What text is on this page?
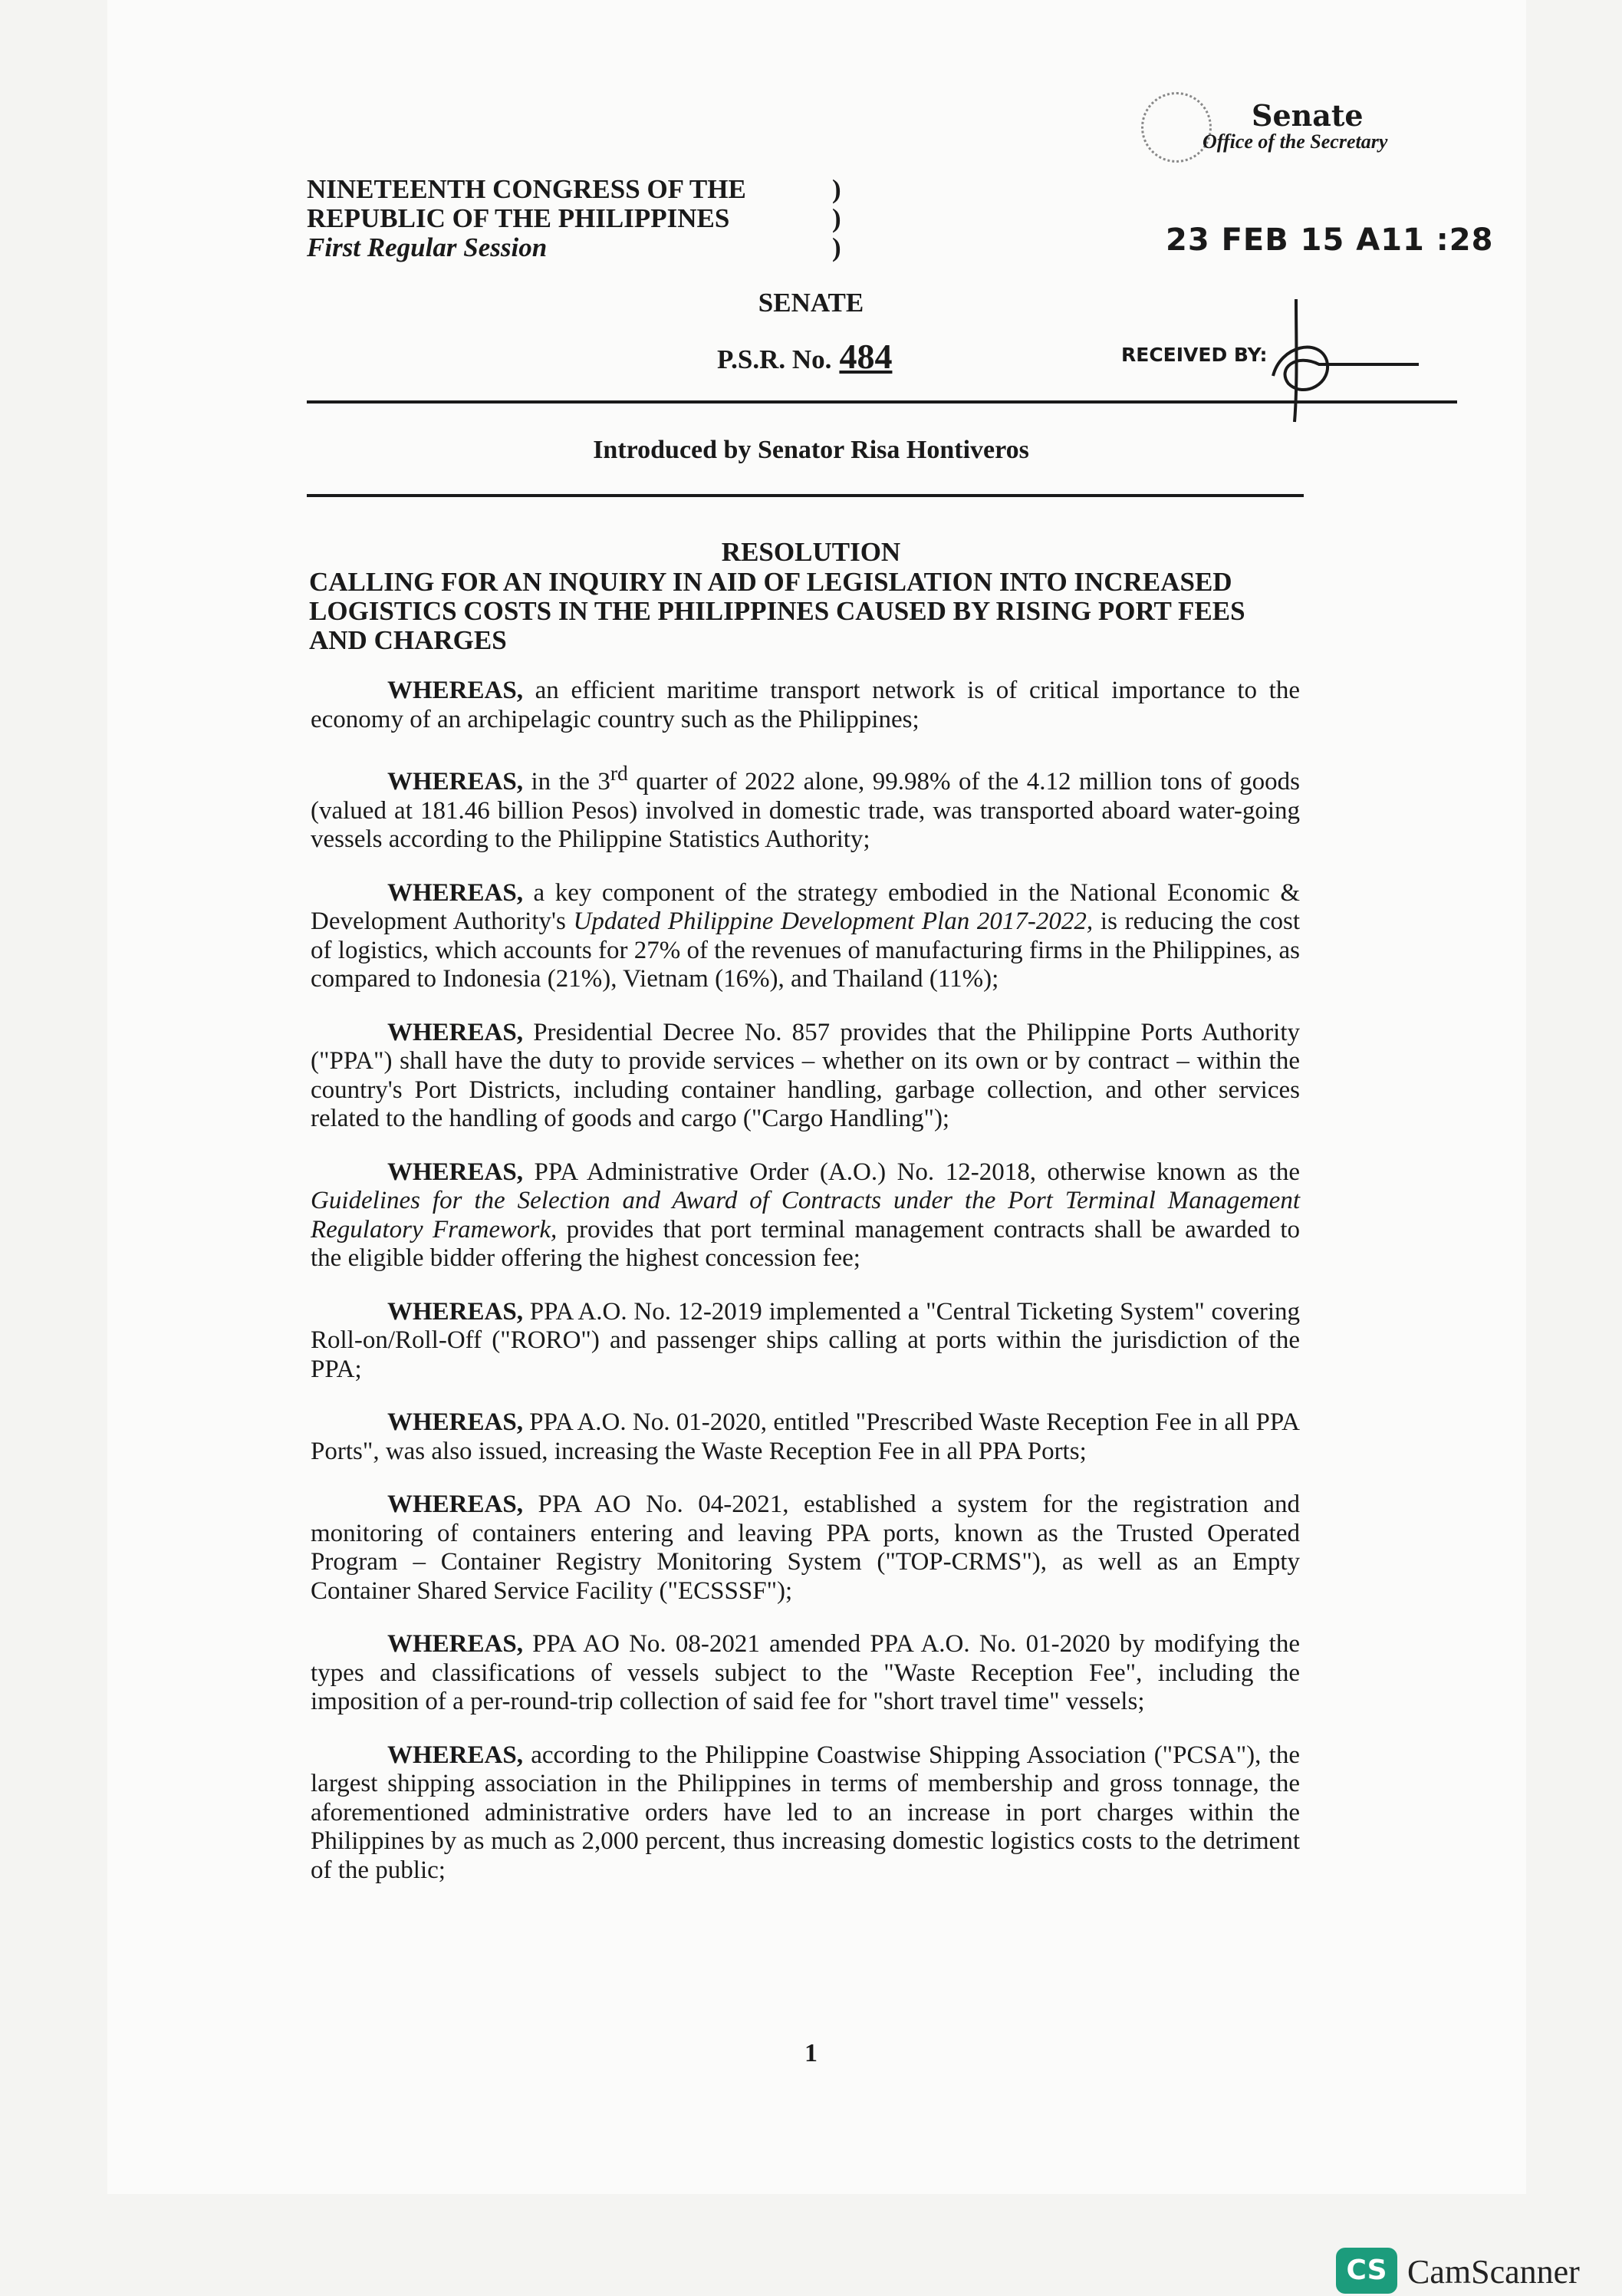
NINETEENTH CONGRESS OF THE
REPUBLIC OF THE PHILIPPINES
First Regular Session
)
)
)
Senate
Office of the Secretary
23 FEB 15 A11 :28
SENATE
P.S.R. No. 484	RECEIVED BY:
Introduced by Senator Risa Hontiveros
RESOLUTION
CALLING FOR AN INQUIRY IN AID OF LEGISLATION INTO INCREASED LOGISTICS COSTS IN THE PHILIPPINES CAUSED BY RISING PORT FEES AND CHARGES

WHEREAS, an efficient maritime transport network is of critical importance to the economy of an archipelagic country such as the Philippines;

WHEREAS, in the 3rd quarter of 2022 alone, 99.98% of the 4.12 million tons of goods (valued at 181.46 billion Pesos) involved in domestic trade, was transported aboard water-going vessels according to the Philippine Statistics Authority;

WHEREAS, a key component of the strategy embodied in the National Economic & Development Authority's Updated Philippine Development Plan 2017-2022, is reducing the cost of logistics, which accounts for 27% of the revenues of manufacturing firms in the Philippines, as compared to Indonesia (21%), Vietnam (16%), and Thailand (11%);

WHEREAS, Presidential Decree No. 857 provides that the Philippine Ports Authority ("PPA") shall have the duty to provide services – whether on its own or by contract – within the country's Port Districts, including container handling, garbage collection, and other services related to the handling of goods and cargo ("Cargo Handling");

WHEREAS, PPA Administrative Order (A.O.) No. 12-2018, otherwise known as the Guidelines for the Selection and Award of Contracts under the Port Terminal Management Regulatory Framework, provides that port terminal management contracts shall be awarded to the eligible bidder offering the highest concession fee;

WHEREAS, PPA A.O. No. 12-2019 implemented a "Central Ticketing System" covering Roll-on/Roll-Off ("RORO") and passenger ships calling at ports within the jurisdiction of the PPA;

WHEREAS, PPA A.O. No. 01-2020, entitled "Prescribed Waste Reception Fee in all PPA Ports", was also issued, increasing the Waste Reception Fee in all PPA Ports;

WHEREAS, PPA AO No. 04-2021, established a system for the registration and monitoring of containers entering and leaving PPA ports, known as the Trusted Operated Program – Container Registry Monitoring System ("TOP-CRMS"), as well as an Empty Container Shared Service Facility ("ECSSSF");

WHEREAS, PPA AO No. 08-2021 amended PPA A.O. No. 01-2020 by modifying the types and classifications of vessels subject to the "Waste Reception Fee", including the imposition of a per-round-trip collection of said fee for "short travel time" vessels;

WHEREAS, according to the Philippine Coastwise Shipping Association ("PCSA"), the largest shipping association in the Philippines in terms of membership and gross tonnage, the aforementioned administrative orders have led to an increase in port charges within the Philippines by as much as 2,000 percent, thus increasing domestic logistics costs to the detriment of the public;

1
CS CamScanner
